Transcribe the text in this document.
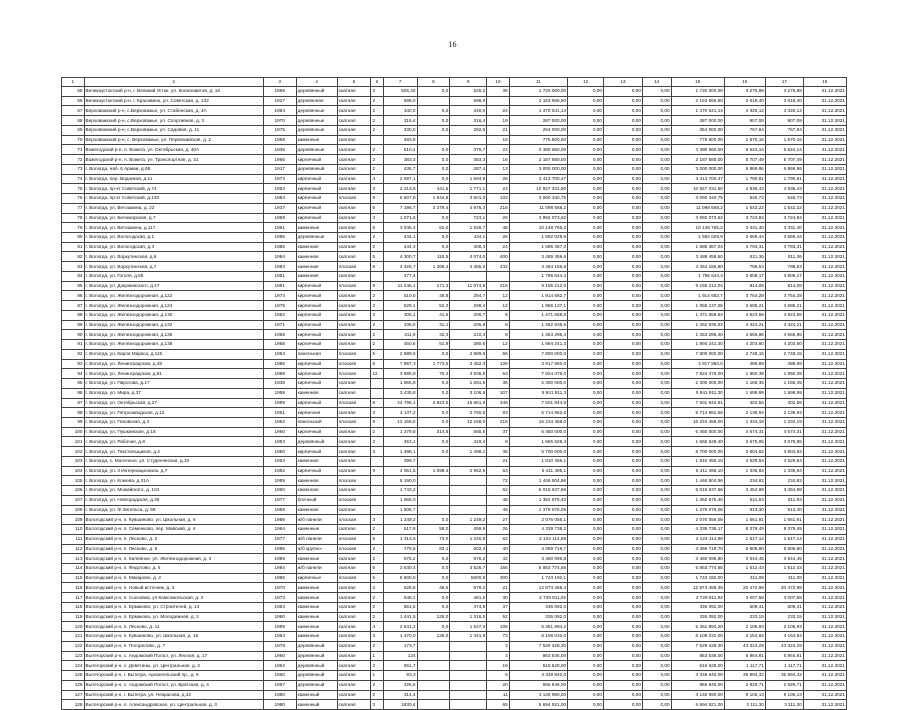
16
1	2	3	4	5	6	7	8	9	10	11	12	13	14	15	16	17	18
65	Великоустюгский р-н, г. Великий Устюг, ул. Космонавтов, д. 18	1966	деревянный	скатная	2	525,20	0,0	525,2	35	1 720 000,00	0,00	0,00	0,00	1 720 000,00	3 275,98	3 275,98	31.12.2021
66	Великоустюгский р-н, г. Красавино, ул. Советская, д. 132	1927	деревянная	скатная	2	598,0		598,0		2 163 566,50	0,00	0,00	0,00	2 163 566,50	3 618,40	3 618,40	31.12.2021
67	Верховажский р-н, с.Верховажье, ул. Стабенская, д. 4А	1984	деревянные	скатная	2	340,0	0,0	340,0	24	1 470 541,14	0,00	0,00	0,00	1 470 541,14	4 325,12	4 325,12	31.12.2021
68	Верховажский р-н, с.Верховажье, ул. Спортивная, д. 3	1970	деревянные	скатная	2	316,4	0,0	316,4	19	287 000,00	0,00	0,00	0,00	287 000,00	907,08	907,08	31.12.2021
69	Верховажский р-н, с.Верховажье, ул. Садовая, д. 11	1975	деревянные	скатная	2	330,0	0,0	292,6	21	254 000,00	0,00	0,00	0,00	254 000,00	767,84	767,84	31.12.2021
70	Верховажский р-н, с. Верховажье, ул. Первомайская, д. 2	1968	каменные	скатная		493,9			18	775 500,00	0,00	0,00	0,00	775 500,00	1 570,16	1 570,16	31.12.2021
71	Вожегодский р-н, п. Вожега, ул. Октябрьская, д. 40А	1936	деревянные	скатная	2	510,4	0,0	376,7	22	3 380 560,00	0,00	0,00	0,00	3 380 560,00	6 624,14	6 624,14	31.12.2021
72	Вожегодский р-н, п. Вожега, ул. Транспортная, д. 31	1966	кирпичный	скатная	2	383,3	0,0	383,3	16	2 187 680,00	0,00	0,00	0,00	2 187 680,00	5 707,49	5 707,49	31.12.2021
73	г. Вологда, наб. 6 Армии, д.95	1917	деревянный	скатная	2	436,7	0,0	287,4	13	3 000 000,00	0,00	0,00	0,00	3 000 000,00	6 869,86	6 869,86	31.12.2021
74	г. Вологда, пер. Водников, д.11	1973	кирпичный	скатная	4	2 097,1	0,0	1 694,8	26	3 413 700,47	0,00	0,00	0,00	3 413 700,47	1 790,81	1 790,81	31.12.2021
75	г. Вологда, пр-кт Советский, д.74	1953	кирпичный	скатная	3	2 213,8	441,6	1 771,1	24	10 927 331,50	0,00	0,00	0,00	10 927 331,50	4 936,43	4 936,43	31.12.2021
76	г. Вологда, пр-кт Советский, д.130	1983	кирпичный	плоская	9	5 607,8	1 944,8	3 501,0	103	3 060 340,75	0,00	0,00	0,00	3 060 340,75	545,73	545,73	31.12.2021
77	г. Вологда, ул. Ветошкина, д. 22	1937	кирпичный	скатная	5	7 196,7	2 379,4	4 676,3	216	11 098 568,2	0,00	0,00	0,00	11 098 568,2	1 542,22	1 542,22	31.12.2021
78	г. Вологда, ул. Беломорская, д.7	1958	кирпичный	скатная	3	1 071,6	0,0	723,1	26	3 992 073,62	0,00	0,00	0,00	3 992 073,62	3 724,84	3 724,84	31.12.2021
79	г. Вологда, ул. Ветошкина, д.117	1961	каменные	скатная	5	3 046,4	62,0	1 626,7	48	10 148 765,2	0,00	0,00	0,00	10 148 765,2	3 331,40	3 331,40	31.12.2021
80	г. Вологда, ул. Вологодская, д.1	1986	деревянные	скатная	2	434,1	0,0	434,1	26	1 592 029,9	0,00	0,00	0,00	1 592 029,9	3 669,44	3 669,44	31.12.2021
81	г. Вологда, ул. Вологодская, д.3	1986	каменная	скатная	2	444,3	0,0	408,3	24	1 685 367,0	0,00	0,00	0,00	1 685 367,04	3 793,31	3 793,31	31.12.2021
82	г. Вологда, ул. Воркутинская, д.6	1984	каменная	скатная	5	4 300,7	115,5	4 074,0	400	3 489 459,6	0,00	0,00	0,00	3 489 459,60	811,36	811,36	31.12.2021
83	г. Вологда, ул. Воркутинская, д.7	1983	каменная	плоская	9	4 325,7	1 368,4	4 455,0	432	3 454 156,8	0,00	0,00	0,00	3 454 156,80	798,53	798,53	31.12.2021
84	г. Вологда, ул. Гоголя, д.56	1951	каменная	скатная		477,4				1 796 644,4	0,00	0,00	0,00	1 796 644,4	3 809,17	3 809,17	31.12.2021
85	г. Вологда, ул. Дзержинского, д.17	1991	кирпичный	плоская	9	11 246,1	171,3	11 074,8	216	9 155 212,0	0,00	0,00	0,00	9 155 212,04	814,08	814,08	31.12.2021
86	г. Вологда, ул. Железнодорожная, д.122	1974	кирпичный	скатная	2	510,0	46,8	294,7	12	1 914 682,7	0,00	0,00	0,00	1 914 682,7	3 754,28	3 754,28	31.12.2021
87	г. Вологда, ул. Железнодорожная, д.124	1979	кирпичный	скатная	2	529,1	52,3	299,4	12	1 955 137,1	0,00	0,00	0,00	1 955 137,05	3 695,21	3 695,21	31.12.2021
88	г. Вологда, ул. Железнодорожная, д.130	1962	кирпичный	скатная	2	305,1	41,6	206,7	8	1 471 658,6	0,00	0,00	0,00	1 471 658,64	4 823,56	4 823,56	31.12.2021
89	г. Вологда, ул. Железнодорожная, д.132	1971	кирпичный	скатная	2	336,0	31,1	206,8	8	1 452 935,5	0,00	0,00	0,00	1 452 935,52	4 324,21	4 324,21	31.12.2021
90	г. Вологда, ул. Железнодорожная, д.136	1968	кирпичный	скатная	2	311,9	32,3	210,3	8	1 453 295,4	0,00	0,00	0,00	1 453 295,40	4 665,86	4 665,86	31.12.2021
91	г. Вологда, ул. Железнодорожная, д.138	1968	кирпичный	скатная	2	450,6	51,9	280,6	12	1 894 241,3	0,00	0,00	0,00	1 894 241,30	4 203,60	4 203,60	31.12.2021
92	г. Вологда, ул. Карла Маркса, д.115	1963	панельная	плоская	5	2 889,6	0,0	2 889,6	56	7 800 000,0	0,00	0,00	0,00	7 800 000,00	2 748,15	2 748,15	31.12.2021
93	г. Вологда, ул. Ленинградская, д.48	1986	кирпичный	плоская	5	7 997,3	1 773,5	3 452,3	109	3 917 860,0	0,00	0,00	0,00	3 917 860,0	489,89	489,89	31.12.2021
94	г. Вологда, ул. Ленинградская, д.91	1988	кирпичный	плоская	12	3 986,8	70,3	3 836,5	63	7 824 475,0	0,00	0,00	0,00	7 824 475,00	1 950,39	1 950,39	31.12.2021
95	г. Вологда, ул. Пирогова, д.17	1938	кирпичный	скатная		1 966,8	0,0	1 281,6	36	2 300 000,0	0,00	0,00	0,00	2 300 000,00	1 169,35	1 169,35	31.12.2021
96	г. Вологда, ул. Мира, д.37	1959	каменная	скатная		3 435,8	0,0	3 106,6	107	5 841 911,3	0,00	0,00	0,00	5 841 911,30	1 699,99	1 699,99	31.12.2021
97	г. Вологда, ул. Октябрьская, д.27	1989	кирпичный	плоская	9	24 796,1	2 823,5	15 651,9	346	7 501 944,9	0,00	0,00	0,00	7 501 944,91	302,56	302,56	31.12.2021
98	г. Вологда, ул. Петрозаводская, д.12	1961	кирпичная	скатная	3	3 137,2	0,0	2 750,5	93	6 714 862,6	0,00	0,00	0,00	6 714 862,56	2 139,94	2 139,94	31.12.2021
99	г. Вологда, ул. Псковская, д.3	1962	панельный	плоская	9	12 168,0	0,0	12 168,0	216	16 234 458,0	0,00	0,00	0,00	16 234 458,00	1 334,19	1 334,19	31.12.2021
100	г. Вологда, ул. Пушкинская, д.18	1960	кирпичный	скатная	2	1 379,8	314,5	565,6	37	6 450 000,0	0,00	0,00	0,00	6 450 000,00	4 674,31	4 674,31	31.12.2021
101	г. Вологда, ул. Рабочая, д.8	1953	деревянный	скатная	2	453,1	0,0	419,4	8	1 665 528,4	0,00	0,00	0,00	1 665 528,40	3 675,85	3 675,85	31.12.2021
102	г. Вологда, ул. Текстильщиков, д.4	1950	кирпичный	скатная	3	1 498,1	0,0	1 498,1	36	5 700 000,0	0,00	0,00	0,00	5 700 000,00	3 804,82	3 804,82	31.12.2021
103	г. Вологда, с. Молочное, ул. Студенческая, д.10	1953	каменная	скатная		399,7			21	1 810 456,1	0,00	0,00	0,00	1 810 456,10	4 529,54	4 529,54	31.12.2021
104	г. Вологда, ул. 3 Интернационала, д.7	1992	кирпичный	скатная	9	4 051,5	1 098,4	2 952,6	63	5 411 495,1	0,00	0,00	0,00	5 411 495,10	1 335,84	1 335,84	31.12.2021
105	г. Вологда, ул. Клюева, д.31А	1989	каменная	плоская		6 190,0			72	1 446 504,96	0,00	0,00	0,00	1 446 504,96	234,82	234,82	31.12.2021
106	г. Вологда, ул. Можайского, д. 104	1960	каменная	скатная		1 743,2			62	5 015 637,66	0,00	0,00	0,00	5 015 637,66	3 454,89	3 454,89	31.12.2021
107	г. Вологда, ул. Новгородская, д.35	1977	блочный	плоская		1 666,0			48	1 352 675,40	0,00	0,00	0,00	1 352 675,40	811,93	811,93	31.12.2021
108	г. Вологда, ул. Ф.Энгельса, д. 58	1958	каменная	скатная		1 506,7			45	1 376 076,06	0,00	0,00	0,00	1 376 076,06	913,30	913,30	31.12.2021
109	Вологодский р-н, п. Кувшиново, ул. Школьная, д. 6	1989	ж/б панели	плоская	3	1 249,2	0,0	1 249,2	27	2 076 056,1	0,00	0,00	0,00	2 076 056,08	1 661,91	1 661,91	31.12.2021
110	Вологодский р-н, п. Семенково, пер. Майский, д. 4	1964	каменные	скатная	2	517,9	58,0	459,9	26	4 339 738,2	0,00	0,00	0,00	4 339 738,17	8 379,49	8 379,49	31.12.2021
111	Вологодский р-н, п. Лесково, д. 2	1977	ж/б панели	плоская	5	1 313,5	73,0	1 240,5	62	2 124 114,98	0,00	0,00	0,00	2 124 114,98	1 617,14	1 617,14	31.12.2021
112	Вологодский р-н, п. Лесково, д. 5	1986	ж/б крупно-	плоская	2	779,5	83,1	602,3	40	4 369 719,7	0,00	0,00	0,00	4 369 719,70	5 605,80	5 605,80	31.12.2021
113	Вологодский р-н, п. Килейное, ул. Железнодорожная, д. 3	1989	каменные	скатная	2	976,2	0,0	976,2	42	3 460 096,8	0,00	0,00	0,00	3 460 096,80	3 544,45	3 544,45	31.12.2021
114	Вологодский р-н, п. Федотово, д. 6	1984	ж/б панели	скатная	5	3 630,4	0,0	3 526,7	166	5 853 774,65	0,00	0,00	0,00	5 853 774,65	1 612,43	1 612,43	31.12.2021
115	Вологодский р-н, п. Макарово, д. 2	1986	кирпичные	плоская	5	5 600,5	0,0	5600,5	300	1 743 192,1	0,00	0,00	0,00	1 743 192,00	311,08	311,08	31.12.2021
116	Вологодский р-н, п. Новый источник, д. 2	1970	каменные	скатная	2	628,8	48,6	579,2	21	12 873 458,4	0,00	0,00	0,00	12 873 458,38	20 472,98	20 472,98	31.12.2021
117	Вологодский р-н, п. Сосновка, ул.Комсомольская, д. 3	1973	каменные	скатная	2	548,1	0,0	481,5	30	2 729 811,92	0,00	0,00	0,00	2 729 811,92	3 007,58	3 007,58	31.12.2021
118	Вологодский р-н, п. Ермаково, ул. Строителей, д. 14	1963	каменные	скатная	2	551,5	0,0	374,8	37	336 092,0	0,00	0,00	0,00	336 092,00	609,41	609,41	31.12.2021
119	Вологодский р-н, п. Ермаково, ул. Молодежная, д. 2	1960	каменные	скатная	2	1 441,5	125,0	1 316,5	52	336 092,0	0,00	0,00	0,00	336 092,00	233,15	233,15	31.12.2021
120	Вологодский р-н, п. Лесково, д. 11	1989	каменные	скатная	4	2 541,2	0,0	1 647,0	105	5 351 894,2	0,00	0,00	0,00	5 351 894,20	2 105,93	2 105,93	31.12.2021
121	Вологодский р-н, п. Кувшиново, ул. Школьная, д. 16	1984	каменные	скатная	3	1 470,0	128,0	1 341,9	73	6 108 032,0	0,00	0,00	0,00	6 108 032,00	4 154,84	4 154,84	31.12.2021
122	Вологодский р-н, п. Погорелово, д. 7	1978	деревянный	скатная	2	173,7			3	7 529 428,30	0,00	0,00	0,00	7 529 428,30	43 324,29	43 324,29	31.12.2021
123	Вытегорский р-н, с. Андомский Погост, ул. Лесная, д. 17	1960	деревянный	скатная	1	124			3	863 636,00	0,00	0,00	0,00	863 636,00	6 964,81	6 964,81	31.12.2021
124	Вытегорский р-н, с. Девятины, ул. Центральная, д. 2	1962	деревянный	скатная	2	551,7			19	616 628,00	0,00	0,00	0,00	616 628,00	1 117,71	1 117,71	31.12.2021
125	Вытегорский р-н, г. Вытегра, Архангельский пр., д. 6	1960	деревянный	скатная	1	93,3			5	3 348 940,0	0,00	0,00	0,00	3 348 940,00	35 894,32	35 894,32	31.12.2021
126	Вытегорский р-н, с. Андомский Погост, ул. Братская, д. 4	1987	деревянный	скатная	2	326,6			20	956 846,00	0,00	0,00	0,00	956 846,00	2 929,71	2 929,71	31.12.2021
127	Вытегорский р-н, г. Вытегра, ул. Некрасова, д.42	1980	каменный	скатная	2	314,4			11	3 140 990,00	0,00	0,00	0,00	3 140 990,00	9 106,13	9 106,13	31.12.2021
128	Вытегорский р-н, п. Александровское, ул. Центральная, д. 3	1980	каменный	скатная	3	1830,4			65	5 694 921,00	0,00	0,00	0,00	5 694 921,00	3 111,30	3 111,30	31.12.2021
